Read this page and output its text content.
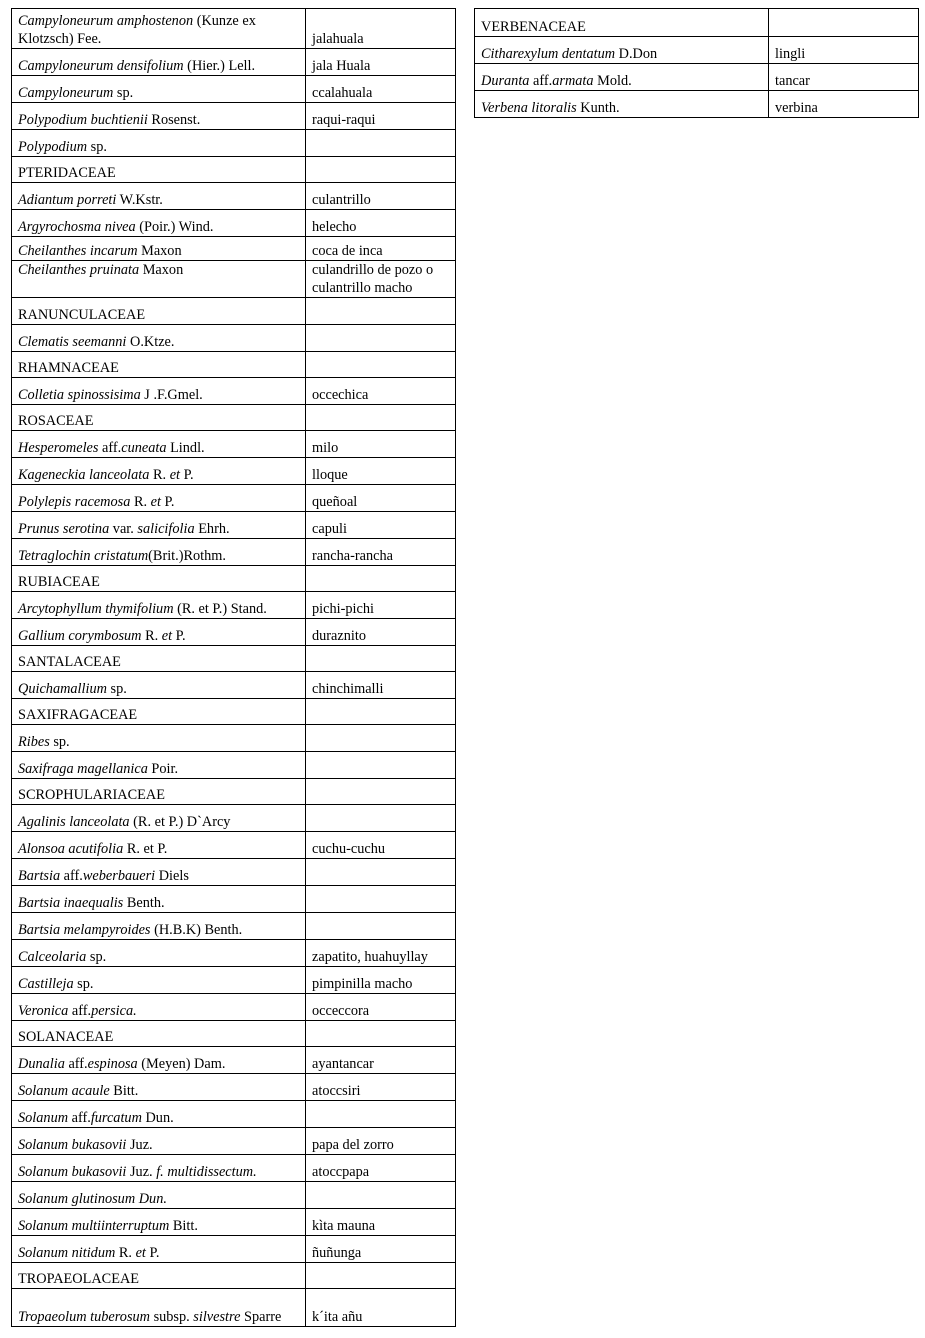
Campyloneurum amphostenon (Kunze ex Klotzsch) Fee.	jalahuala
Campyloneurum densifolium (Hier.) Lell.	jala Huala
Campyloneurum sp.	ccalahuala
Polypodium buchtienii Rosenst.	raqui-raqui
Polypodium sp.	
PTERIDACEAE	
Adiantum porreti W.Kstr.	culantrillo
Argyrochosma nivea (Poir.) Wind.	helecho
Cheilanthes incarum Maxon	coca de inca
Cheilanthes pruinata Maxon	culandrillo de pozo o culantrillo macho
RANUNCULACEAE	
Clematis seemanni O.Ktze.	
RHAMNACEAE	
Colletia spinossisima J .F.Gmel.	occechica
ROSACEAE	
Hesperomeles aff.cuneata Lindl.	milo
Kageneckia lanceolata R. et P.	lloque
Polylepis racemosa R. et P.	queñoal
Prunus serotina var. salicifolia Ehrh.	capuli
Tetraglochin cristatum(Brit.)Rothm.	rancha-rancha
RUBIACEAE	
Arcytophyllum thymifolium (R. et P.) Stand.	pichi-pichi
Gallium corymbosum R. et P.	duraznito
SANTALACEAE	
Quichamallium sp.	chinchimalli
SAXIFRAGACEAE	
Ribes sp.	
Saxifraga magellanica Poir.	
SCROPHULARIACEAE	
Agalinis lanceolata (R. et P.) D`Arcy	
Alonsoa acutifolia R. et P.	cuchu-cuchu
Bartsia aff.weberbaueri Diels	
Bartsia inaequalis Benth.	
Bartsia melampyroides (H.B.K) Benth.	
Calceolaria sp.	zapatito, huahuyllay
Castilleja sp.	pimpinilla macho
Veronica aff.persica.	occeccora
SOLANACEAE	
Dunalia aff.espinosa (Meyen) Dam.	ayantancar
Solanum acaule Bitt.	atoccsiri
Solanum aff.furcatum Dun.	
Solanum bukasovii Juz.	papa del zorro
Solanum bukasovii Juz. f. multidissectum.	atoccpapa
Solanum glutinosum Dun.	
Solanum multiinterruptum Bitt.	kìta mauna
Solanum nitidum R. et P.	ñuñunga
TROPAEOLACEAE	
Tropaeolum tuberosum subsp. silvestre Sparre	k´ita añu
VERBENACEAE	
Citharexylum dentatum D.Don	lingli
Duranta aff.armata Mold.	tancar
Verbena litoralis Kunth.	verbina
